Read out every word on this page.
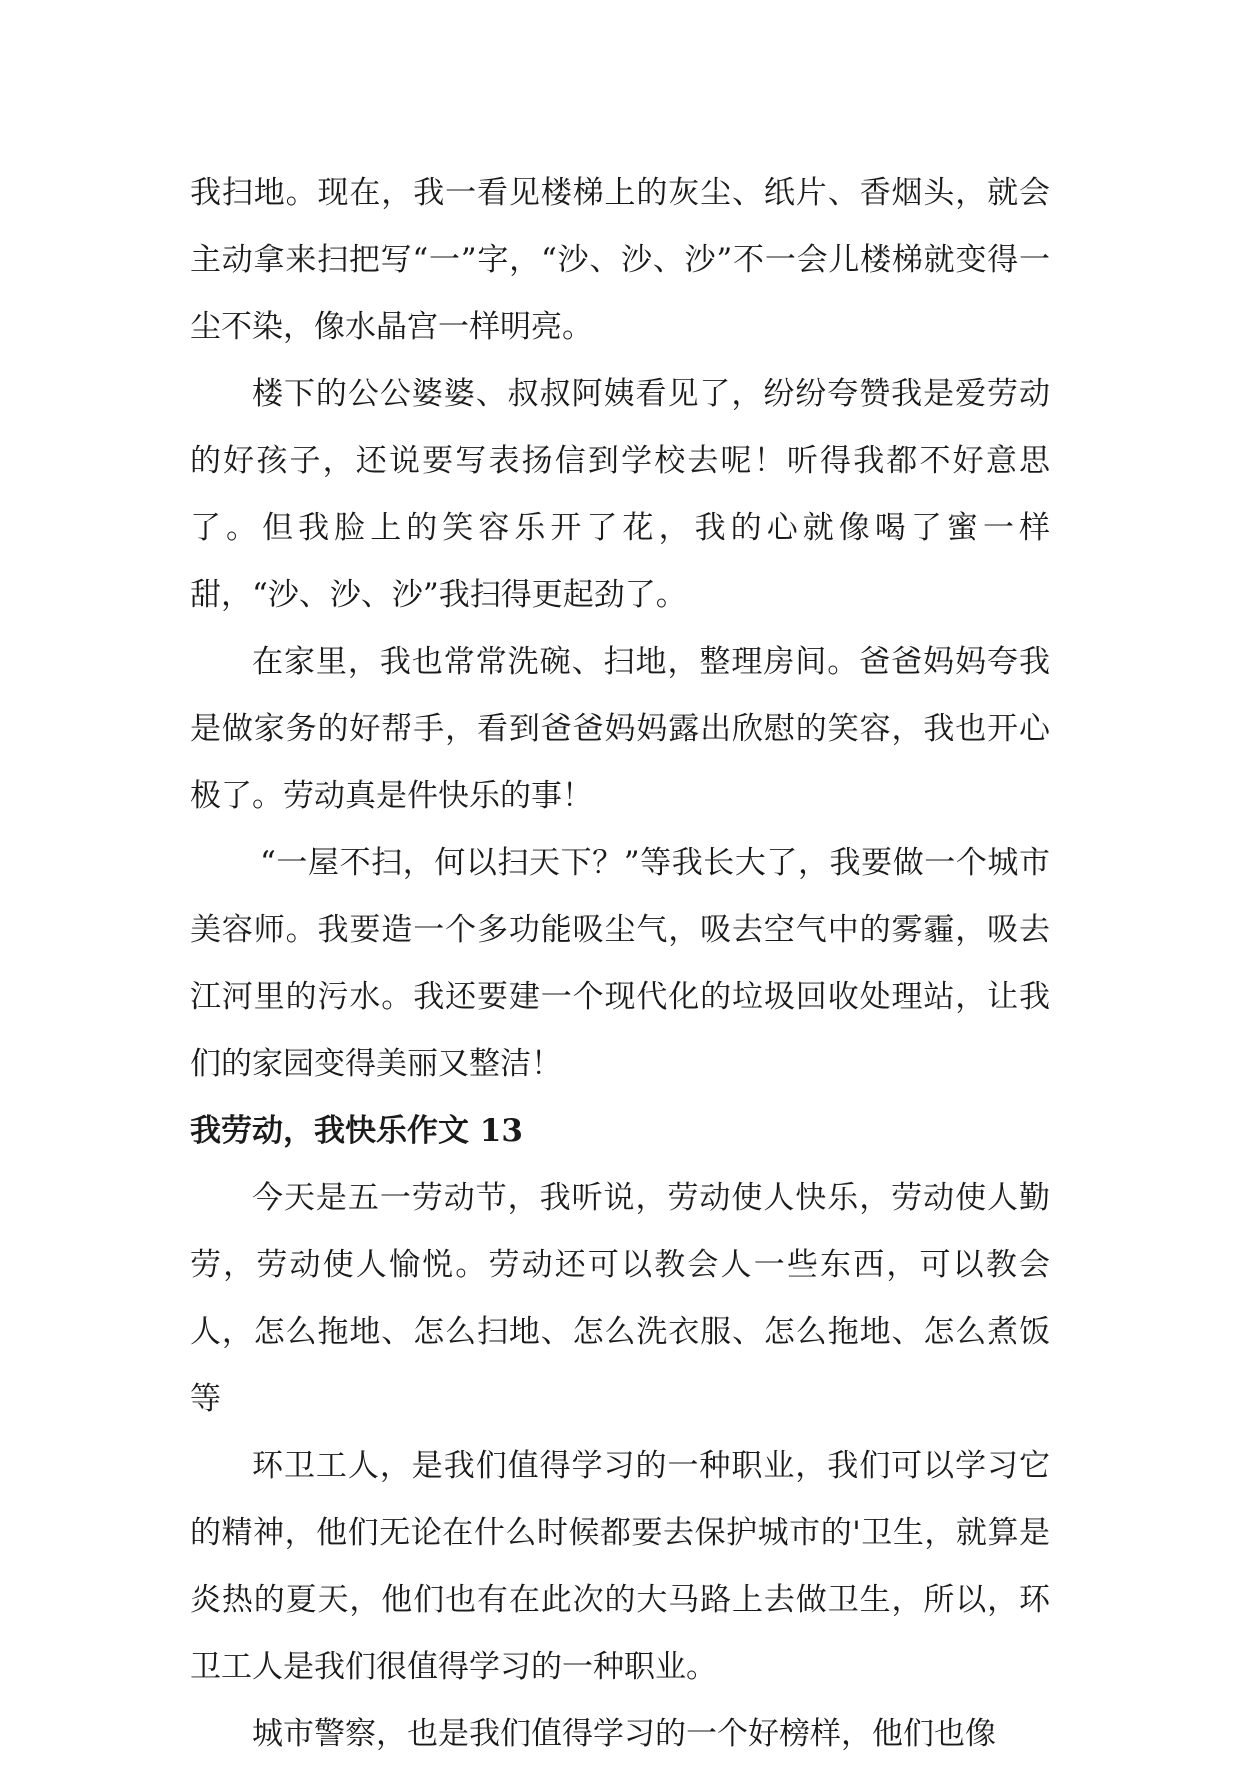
我扫地。现在，我一看见楼梯上的灰尘、纸片、香烟头，就会主动拿来扫把写“一”字，“沙、沙、沙”不一会儿楼梯就变得一尘不染，像水晶宫一样明亮。

楼下的公公婆婆、叔叔阿姨看见了，纷纷夸赞我是爱劳动的好孩子，还说要写表扬信到学校去呢！听得我都不好意思了。但我脸上的笑容乐开了花，我的心就像喝了蜜一样甜，“沙、沙、沙”我扫得更起劲了。

在家里，我也常常洗碗、扫地，整理房间。爸爸妈妈夸我是做家务的好帮手，看到爸爸妈妈露出欣慰的笑容，我也开心极了。劳动真是件快乐的事！

“一屋不扫，何以扫天下？”等我长大了，我要做一个城市美容师。我要造一个多功能吸尘气，吸去空气中的雾霾，吸去江河里的污水。我还要建一个现代化的垃圾回收处理站，让我们的家园变得美丽又整洁！

我劳动，我快乐作文 13

今天是五一劳动节，我听说，劳动使人快乐，劳动使人勤劳，劳动使人愉悦。劳动还可以教会人一些东西，可以教会人，怎么拖地、怎么扫地、怎么洗衣服、怎么拖地、怎么煮饭等

环卫工人，是我们值得学习的一种职业，我们可以学习它的精神，他们无论在什么时候都要去保护城市的'卫生，就算是炎热的夏天，他们也有在此次的大马路上去做卫生，所以，环卫工人是我们很值得学习的一种职业。

城市警察，也是我们值得学习的一个好榜样，他们也像
